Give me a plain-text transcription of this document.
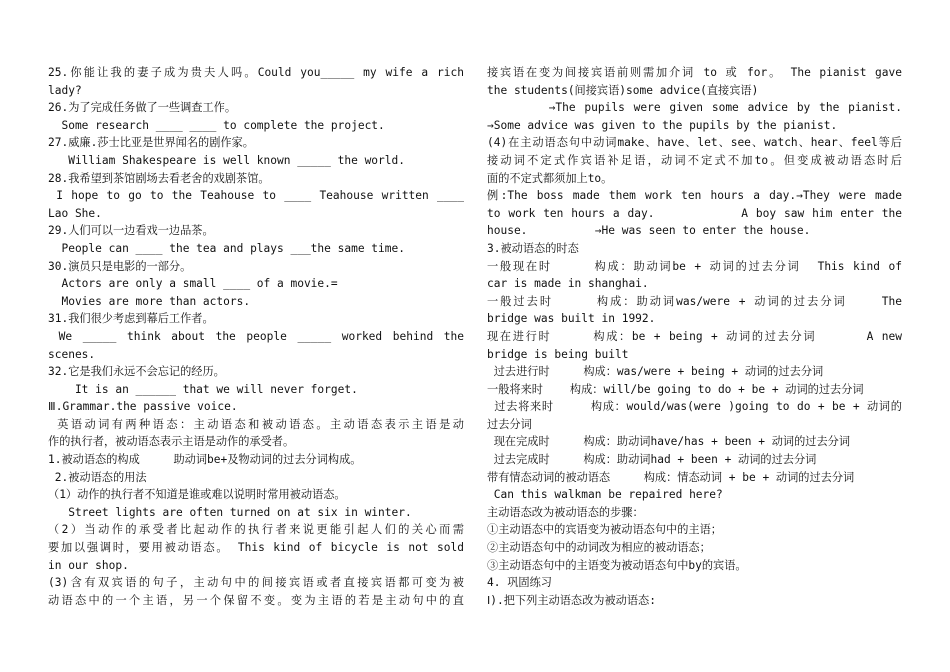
25.你能让我的妻子成为贵夫人吗。Could you_____ my wife a rich
lady?
26.为了完成任务做了一些调查工作。
Some research ____ ____ to complete the project.
27.威廉.莎士比亚是世界闻名的剧作家。
William Shakespeare is well known _____ the world.
28.我希望到茶馆剧场去看老舍的戏剧茶馆。
I hope to go to the Teahouse to ____ Teahouse written ____
Lao She.
29.人们可以一边看戏一边品茶。
People can ____ the tea and plays ___the same time.
30.演员只是电影的一部分。
Actors are only a small ____ of a movie.=
Movies are more than actors.
31.我们很少考虑到幕后工作者。
We _____ think about the people _____ worked behind the
scenes.
32.它是我们永远不会忘记的经历。
It is an ______ that we will never forget.
Ⅲ.Grammar.the passive voice.
英语动词有两种语态：主动语态和被动语态。主动语态表示主语是动
作的执行者，被动语态表示主语是动作的承受者。
1.被动语态的构成     助动词be+及物动词的过去分词构成。
2.被动语态的用法
（1）动作的执行者不知道是谁或难以说明时常用被动语态。
Street lights are often turned on at six in winter.
（2）当动作的承受者比起动作的执行者来说更能引起人们的关心而需
要加以强调时，要用被动语态。 This kind of bicycle is not sold
in our shop.
(3)含有双宾语的句子，主动句中的间接宾语或者直接宾语都可变为被
动语态中的一个主语，另一个保留不变。变为主语的若是主动句中的直
接宾语在变为间接宾语前则需加介词 to 或 for。 The pianist gave
the students(间接宾语)some advice(直接宾语)
→The pupils were given some advice by the pianist.
→Some advice was given to the pupils by the pianist.
(4)在主动语态句中动词make、have、let、see、watch、hear、feel等后
接动词不定式作宾语补足语，动词不定式不加to。但变成被动语态时后
面的不定式都须加上to。
例:The boss made them work ten hours a day.→They were made
to work ten hours a day.           A boy saw him enter the
house.          →He was seen to enter the house.
3.被动语态的时态
一般现在时     构成：助动词be + 动词的过去分词  This kind of
car is made in shanghai.
一般过去时     构成：助动词was/were + 动词的过去分词    The
bridge was built in 1992.
现在进行时     构成：be + being + 动词的过去分词      A new
bridge is being built
过去进行时     构成：was/were + being + 动词的过去分词
一般将来时    构成：will/be going to do + be + 动词的过去分词
过去将来时     构成：would/was(were )going to do + be + 动词的
过去分词
现在完成时     构成：助动词have/has + been + 动词的过去分词
过去完成时     构成：助动词had + been + 动词的过去分词
带有情态动词的被动语态     构成：情态动词 + be + 动词的过去分词
Can this walkman be repaired here?
主动语态改为被动语态的步骤：
①主动语态中的宾语变为被动语态句中的主语；
②主动语态句中的动词改为相应的被动语态；
③主动语态句中的主语变为被动语态句中by的宾语。
4. 巩固练习
Ⅰ).把下列主动语态改为被动语态:
